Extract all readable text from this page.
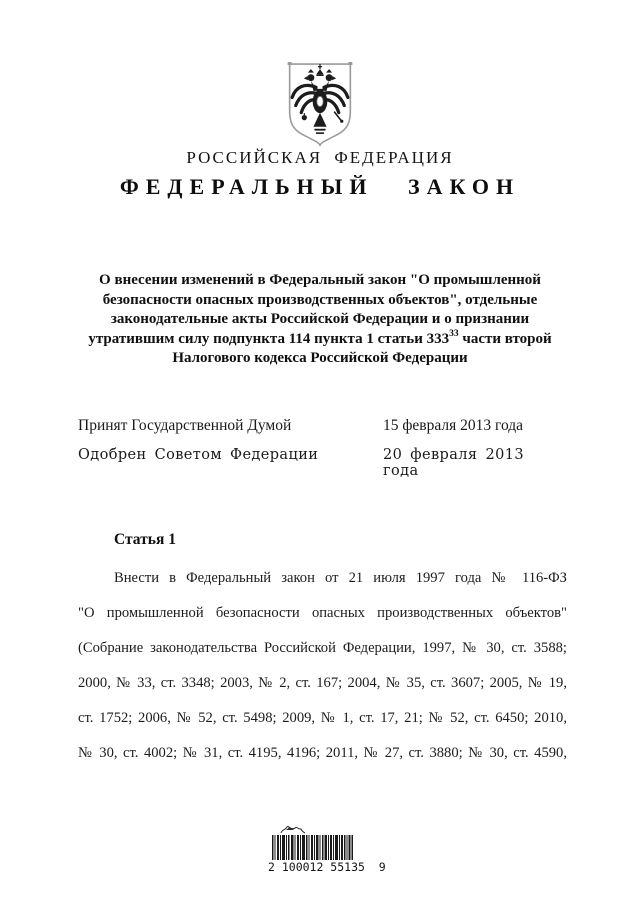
РОССИЙСКАЯ ФЕДЕРАЦИЯ
ФЕДЕРАЛЬНЫЙ ЗАКОН
О внесении изменений в Федеральный закон "О промышленной
безопасности опасных производственных объектов", отдельные
законодательные акты Российской Федерации и о признании
утратившим силу подпункта 114 пункта 1 статьи $333^{33}$ части второй
Налогового кодекса Российской Федерации
Принят Государственной Думой	15 февраля 2013 года
Одобрен Советом Федерации	20 февраля 2013 года
Статья 1
Внести в Федеральный закон от 21 июля 1997 года № 116-ФЗ
"О промышленной безопасности опасных производственных объектов"
(Собрание законодательства Российской Федерации, 1997, № 30, ст. 3588;
2000, № 33, ст. 3348; 2003, № 2, ст. 167; 2004, № 35, ст. 3607; 2005, № 19,
ст. 1752; 2006, № 52, ст. 5498; 2009, № 1, ст. 17, 21; № 52, ст. 6450; 2010,
№ 30, ст. 4002; № 31, ст. 4195, 4196; 2011, № 27, ст. 3880; № 30, ст. 4590,
2 100012 55135  9
